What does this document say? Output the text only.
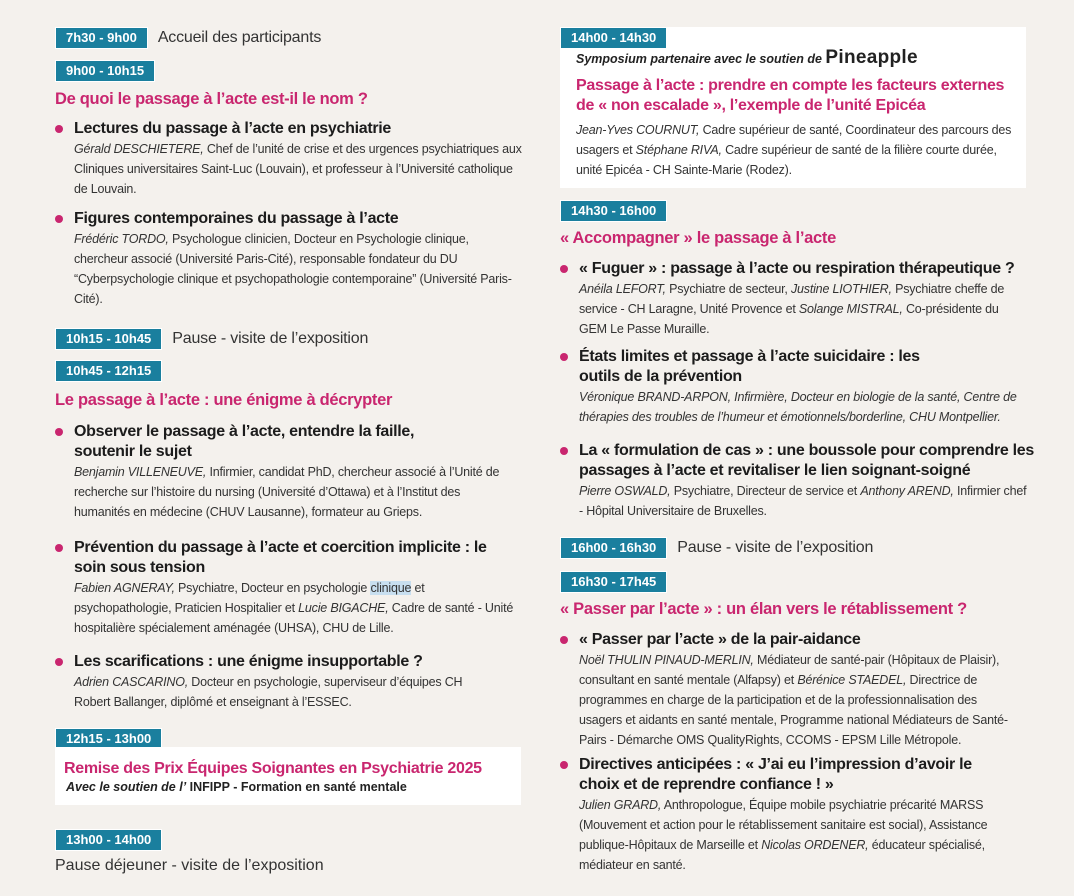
7h30 - 9h00 Accueil des participants
9h00 - 10h15
De quoi le passage à l’acte est-il le nom ?
Lectures du passage à l’acte en psychiatrie
Gérald DESCHIETERE, Chef de l’unité de crise et des urgences psychiatriques aux Cliniques universitaires Saint-Luc (Louvain), et professeur à l’Université catholique de Louvain.
Figures contemporaines du passage à l’acte
Frédéric TORDO, Psychologue clinicien, Docteur en Psychologie clinique, chercheur associé (Université Paris-Cité), responsable fondateur du DU “Cyberpsychologie clinique et psychopathologie contemporaine” (Université Paris-Cité).
10h15 - 10h45 Pause - visite de l’exposition
10h45 - 12h15
Le passage à l’acte : une énigme à décrypter
Observer le passage à l’acte, entendre la faille, soutenir le sujet
Benjamin VILLENEUVE, Infirmier, candidat PhD, chercheur associé à l’Unité de recherche sur l’histoire du nursing (Université d’Ottawa) et à l’Institut des humanités en médecine (CHUV Lausanne), formateur au Grieps.
Prévention du passage à l’acte et coercition implicite : le soin sous tension
Fabien AGNERAY, Psychiatre, Docteur en psychologie clinique et psychopathologie, Praticien Hospitalier et Lucie BIGACHE, Cadre de santé - Unité hospitalière spécialement aménagée (UHSA), CHU de Lille.
Les scarifications : une énigme insupportable ?
Adrien CASCARINO, Docteur en psychologie, superviseur d’équipes CH Robert Ballanger, diplômé et enseignant à l’ESSEC.
12h15 - 13h00
Remise des Prix Équipes Soignantes en Psychiatrie 2025
Avec le soutien de l’ INFIPP - Formation en santé mentale
13h00 - 14h00
Pause déjeuner - visite de l’exposition
14h00 - 14h30
Symposium partenaire avec le soutien de Pineapple
Passage à l’acte : prendre en compte les facteurs externes de « non escalade », l’exemple de l’unité Epicéa
Jean-Yves COURNUT, Cadre supérieur de santé, Coordinateur des parcours des usagers et Stéphane RIVA, Cadre supérieur de santé de la filière courte durée, unité Epicéa - CH Sainte-Marie (Rodez).
14h30 - 16h00
« Accompagner » le passage à l’acte
« Fuguer » : passage à l’acte ou respiration thérapeutique ?
Anéila LEFORT, Psychiatre de secteur, Justine LIOTHIER, Psychiatre cheffe de service - CH Laragne, Unité Provence et Solange MISTRAL, Co-présidente du GEM Le Passe Muraille.
États limites et passage à l’acte suicidaire : les outils de la prévention
Véronique BRAND-ARPON, Infirmière, Docteur en biologie de la santé, Centre de thérapies des troubles de l’humeur et émotionnels/borderline, CHU Montpellier.
La « formulation de cas » : une boussole pour comprendre les passages à l’acte et revitaliser le lien soignant-soigné
Pierre OSWALD, Psychiatre, Directeur de service et Anthony AREND, Infirmier chef - Hôpital Universitaire de Bruxelles.
16h00 - 16h30 Pause - visite de l’exposition
16h30 - 17h45
« Passer par l’acte » : un élan vers le rétablissement ?
« Passer par l’acte » de la pair-aidance
Noël THULIN PINAUD-MERLIN, Médiateur de santé-pair (Hôpitaux de Plaisir), consultant en santé mentale (Alfapsy) et Bérénice STAEDEL, Directrice de programmes en charge de la participation et de la professionnalisation des usagers et aidants en santé mentale, Programme national Médiateurs de Santé-Pairs - Démarche OMS QualityRights, CCOMS - EPSM Lille Métropole.
Directives anticipées : « J’ai eu l’impression d’avoir le choix et de reprendre confiance ! »
Julien GRARD, Anthropologue, Équipe mobile psychiatrie précarité MARSS (Mouvement et action pour le rétablissement sanitaire est social), Assistance publique-Hôpitaux de Marseille et Nicolas ORDENER, éducateur spécialisé, médiateur en santé.
